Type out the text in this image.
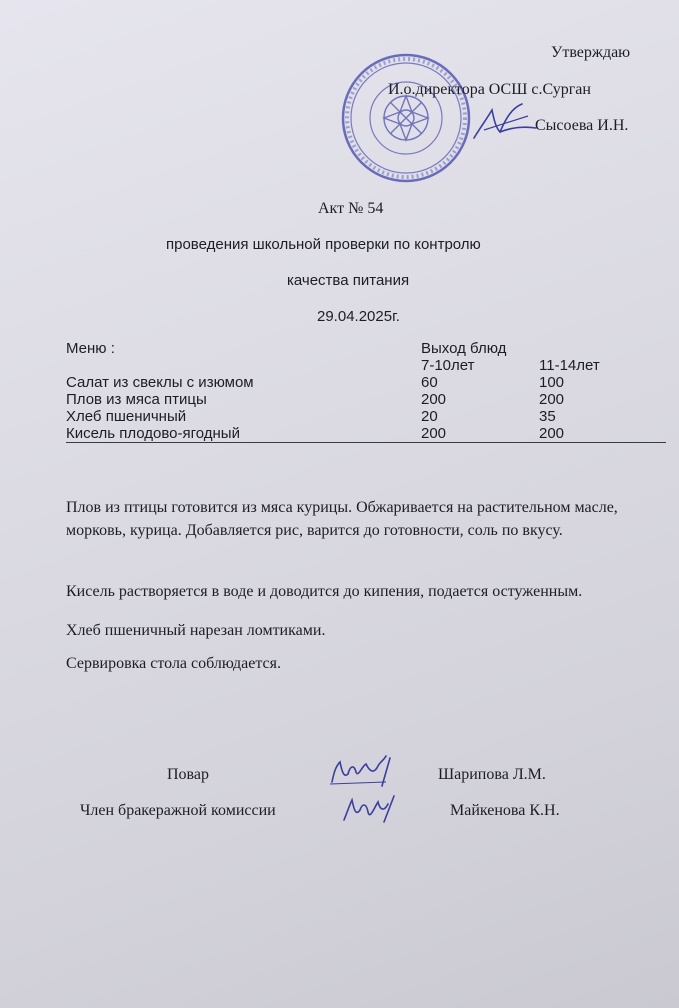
Утверждаю
И.о.директора ОСШ с.Сурган
Сысоева И.Н.
Акт № 54
проведения школьной проверки по контролю
качества питания
29.04.2025г.
Меню :	Выход блюд	
	7-10лет	11-14лет
Салат из свеклы с изюмом	60	100
Плов из мяса птицы	200	200
Хлеб пшеничный	20	35
Кисель плодово-ягодный	200	200
Плов из птицы готовится из мяса курицы. Обжаривается на растительном масле, морковь, курица. Добавляется рис, варится до готовности, соль по вкусу.
Кисель растворяется в воде и доводится до кипения, подается остуженным.
Хлеб пшеничный нарезан ломтиками.
Сервировка стола соблюдается.
Повар	Шарипова Л.М.
Член бракеражной комиссии	Майкенова К.Н.
